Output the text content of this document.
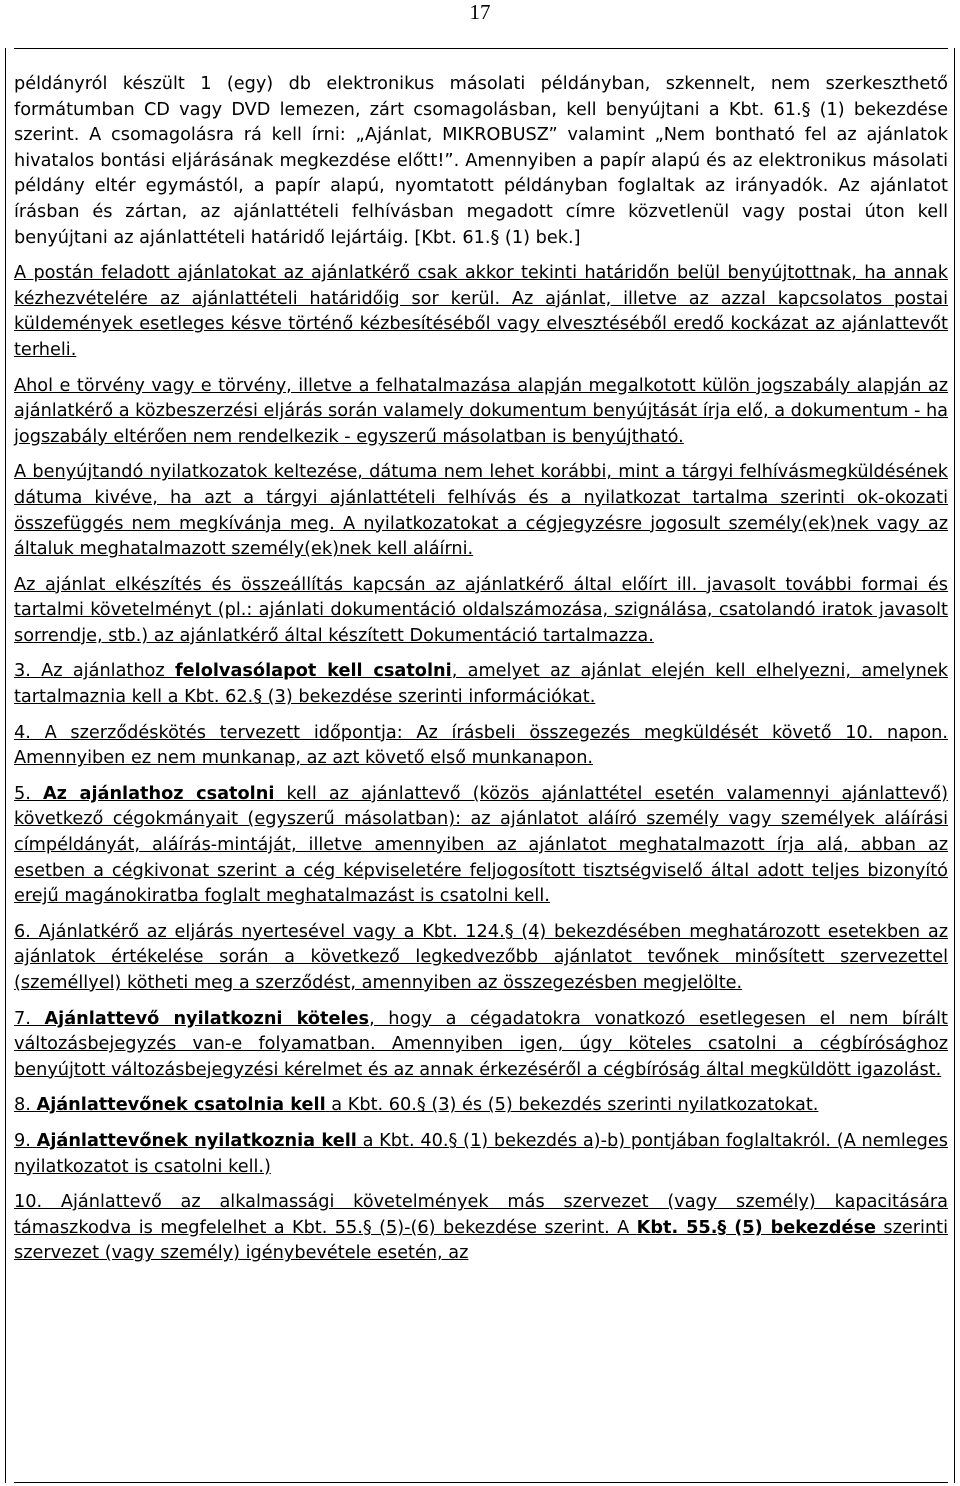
17

példányról készült 1 (egy) db elektronikus másolati példányban, szkennelt, nem szerkeszthető formátumban CD vagy DVD lemezen, zárt csomagolásban, kell benyújtani a Kbt. 61.§ (1) bekezdése szerint. A csomagolásra rá kell írni: „Ajánlat, MIKROBUSZ” valamint „Nem bontható fel az ajánlatok hivatalos bontási eljárásának megkezdése előtt!”. Amennyiben a papír alapú és az elektronikus másolati példány eltér egymástól, a papír alapú, nyomtatott példányban foglaltak az irányadók. Az ajánlatot írásban és zártan, az ajánlattételi felhívásban megadott címre közvetlenül vagy postai úton kell benyújtani az ajánlattételi határidő lejártáig. [Kbt. 61.§ (1) bek.]

A postán feladott ajánlatokat az ajánlatkérő csak akkor tekinti határidőn belül benyújtottnak, ha annak kézhezvételére az ajánlattételi határidőig sor kerül. Az ajánlat, illetve az azzal kapcsolatos postai küldemények esetleges késve történő kézbesítéséből vagy elvesztéséből eredő kockázat az ajánlattevőt terheli.

Ahol e törvény vagy e törvény, illetve a felhatalmazása alapján megalkotott külön jogszabály alapján az ajánlatkérő a közbeszerzési eljárás során valamely dokumentum benyújtását írja elő, a dokumentum - ha jogszabály eltérően nem rendelkezik - egyszerű másolatban is benyújtható.

A benyújtandó nyilatkozatok keltezése, dátuma nem lehet korábbi, mint a tárgyi felhívásmegküldésének dátuma kivéve, ha azt a tárgyi ajánlattételi felhívás és a nyilatkozat tartalma szerinti ok-okozati összefüggés nem megkívánja meg. A nyilatkozatokat a cégjegyzésre jogosult személy(ek)nek vagy az általuk meghatalmazott személy(ek)nek kell aláírni.

Az ajánlat elkészítés és összeállítás kapcsán az ajánlatkérő által előírt ill. javasolt további formai és tartalmi követelményt (pl.: ajánlati dokumentáció oldalszámozása, szignálása, csatolandó iratok javasolt sorrendje, stb.) az ajánlatkérő által készített Dokumentáció tartalmazza.

3. Az ajánlathoz felolvasólapot kell csatolni, amelyet az ajánlat elején kell elhelyezni, amelynek tartalmaznia kell a Kbt. 62.§ (3) bekezdése szerinti információkat.

4. A szerződéskötés tervezett időpontja: Az írásbeli összegezés megküldését követő 10. napon. Amennyiben ez nem munkanap, az azt követő első munkanapon.

5. Az ajánlathoz csatolni kell az ajánlattevő (közös ajánlattétel esetén valamennyi ajánlattevő) következő cégokmányait (egyszerű másolatban): az ajánlatot aláíró személy vagy személyek aláírási címpéldányát, aláírás-mintáját, illetve amennyiben az ajánlatot meghatalmazott írja alá, abban az esetben a cégkivonat szerint a cég képviseletére feljogosított tisztségviselő által adott teljes bizonyító erejű magánokiratba foglalt meghatalmazást is csatolni kell.

6. Ajánlatkérő az eljárás nyertesével vagy a Kbt. 124.§ (4) bekezdésében meghatározott esetekben az ajánlatok értékelése során a következő legkedvezőbb ajánlatot tevőnek minősített szervezettel (személlyel) kötheti meg a szerződést, amennyiben az összegezésben megjelölte.

7. Ajánlattevő nyilatkozni köteles, hogy a cégadatokra vonatkozó esetlegesen el nem bírált változásbejegyzés van-e folyamatban. Amennyiben igen, úgy köteles csatolni a cégbírósághoz benyújtott változásbejegyzési kérelmet és az annak érkezéséről a cégbíróság által megküldött igazolást.

8. Ajánlattevőnek csatolnia kell a Kbt. 60.§ (3) és (5) bekezdés szerinti nyilatkozatokat.

9. Ajánlattevőnek nyilatkoznia kell a Kbt. 40.§ (1) bekezdés a)-b) pontjában foglaltakról. (A nemleges nyilatkozatot is csatolni kell.)

10. Ajánlattevő az alkalmassági követelmények más szervezet (vagy személy) kapacitására támaszkodva is megfelelhet a Kbt. 55.§ (5)-(6) bekezdése szerint. A Kbt. 55.§ (5) bekezdése szerinti szervezet (vagy személy) igénybevétele esetén, az
